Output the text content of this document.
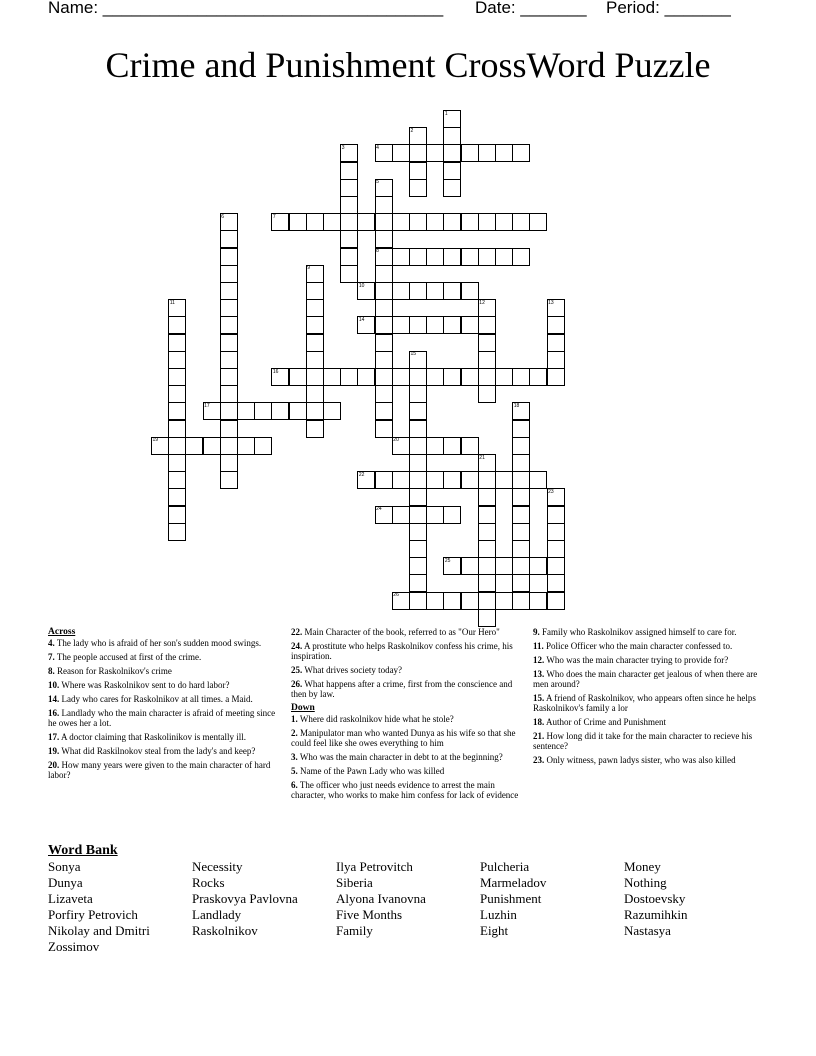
Name: ____________________________________ Date: _______ Period: _______
Crime and Punishment CrossWord Puzzle
1
2
3	4
5
6	7
8
9
10
11	12	13
14
15
16
17	18
19	20
21
22
23
24
25
26
Across
4. The lady who is afraid of her son's sudden mood swings.
7. The people accused at first of the crime.
8. Reason for Raskolnikov's crime
10. Where was Raskolnikov sent to do hard labor?
14. Lady who cares for Raskolnikov at all times. a Maid.
16. Landlady who the main character is afraid of meeting since he owes her a lot.
17. A doctor claiming that Raskolinikov is mentally ill.
19. What did Raskilnokov steal from the lady's and keep?
20. How many years were given to the main character of hard labor?
22. Main Character of the book, referred to as "Our Hero"
24. A prostitute who helps Raskolnikov confess his crime, his inspiration.
25. What drives society today?
26. What happens after a crime, first from the conscience and then by law.
Down
1. Where did raskolnikov hide what he stole?
2. Manipulator man who wanted Dunya as his wife so that she could feel like she owes everything to him
3. Who was the main character in debt to at the beginning?
5. Name of the Pawn Lady who was killed
6. The officer who just needs evidence to arrest the main character, who works to make him confess for lack of evidence
9. Family who Raskolnikov assigned himself to care for.
11. Police Officer who the main character confessed to.
12. Who was the main character trying to provide for?
13. Who does the main character get jealous of when there are men around?
15. A friend of Raskolnikov, who appears often since he helps Raskolnikov's family a lor
18. Author of Crime and Punishment
21. How long did it take for the main character to recieve his sentence?
23. Only witness, pawn ladys sister, who was also killed
Word Bank
Sonya
Dunya
Lizaveta
Porfiry Petrovich
Nikolay and Dmitri
Zossimov
Necessity
Rocks
Praskovya Pavlovna
Landlady
Raskolnikov
Ilya Petrovitch
Siberia
Alyona Ivanovna
Five Months
Family
Pulcheria
Marmeladov
Punishment
Luzhin
Eight
Money
Nothing
Dostoevsky
Razumihkin
Nastasya
